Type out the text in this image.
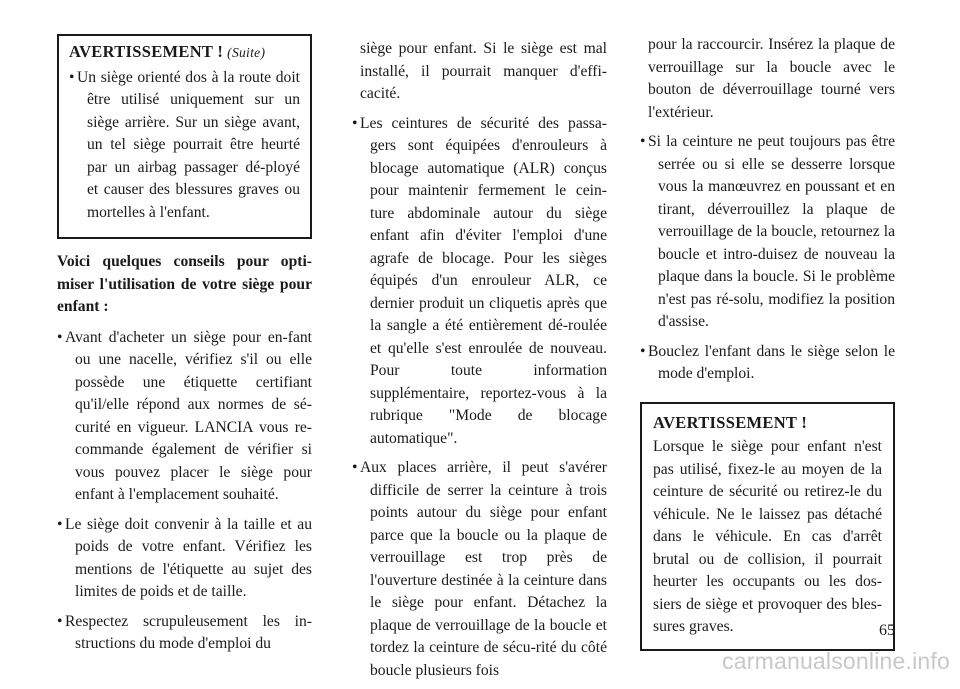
AVERTISSEMENT ! (Suite)
• Un siège orienté dos à la route doit être utilisé uniquement sur un siège arrière. Sur un siège avant, un tel siège pourrait être heurté par un airbag passager dé-ployé et causer des blessures graves ou mortelles à l'enfant.
Voici quelques conseils pour opti-miser l'utilisation de votre siège pour enfant :
• Avant d'acheter un siège pour en-fant ou une nacelle, vérifiez s'il ou elle possède une étiquette certifiant qu'il/elle répond aux normes de sé-curité en vigueur. LANCIA vous re-commande également de vérifier si vous pouvez placer le siège pour enfant à l'emplacement souhaité.
• Le siège doit convenir à la taille et au poids de votre enfant. Vérifiez les mentions de l'étiquette au sujet des limites de poids et de taille.
• Respectez scrupuleusement les in-structions du mode d'emploi du
siège pour enfant. Si le siège est mal installé, il pourrait manquer d'effi-cacité.
• Les ceintures de sécurité des passa-gers sont équipées d'enrouleurs à blocage automatique (ALR) conçus pour maintenir fermement le cein-ture abdominale autour du siège enfant afin d'éviter l'emploi d'une agrafe de blocage. Pour les sièges équipés d'un enrouleur ALR, ce dernier produit un cliquetis après que la sangle a été entièrement dé-roulée et qu'elle s'est enroulée de nouveau. Pour toute information supplémentaire, reportez-vous à la rubrique "Mode de blocage automatique".
• Aux places arrière, il peut s'avérer difficile de serrer la ceinture à trois points autour du siège pour enfant parce que la boucle ou la plaque de verrouillage est trop près de l'ouverture destinée à la ceinture dans le siège pour enfant. Détachez la plaque de verrouillage de la boucle et tordez la ceinture de sécu-rité du côté boucle plusieurs fois
pour la raccourcir. Insérez la plaque de verrouillage sur la boucle avec le bouton de déverrouillage tourné vers l'extérieur.
• Si la ceinture ne peut toujours pas être serrée ou si elle se desserre lorsque vous la manœuvrez en poussant et en tirant, déverrouillez la plaque de verrouillage de la boucle, retournez la boucle et intro-duisez de nouveau la plaque dans la boucle. Si le problème n'est pas ré-solu, modifiez la position d'assise.
• Bouclez l'enfant dans le siège selon le mode d'emploi.
AVERTISSEMENT !
Lorsque le siège pour enfant n'est pas utilisé, fixez-le au moyen de la ceinture de sécurité ou retirez-le du véhicule. Ne le laissez pas détaché dans le véhicule. En cas d'arrêt brutal ou de collision, il pourrait heurter les occupants ou les dos-siers de siège et provoquer des bles-sures graves.	65
carmanualsonline.info
